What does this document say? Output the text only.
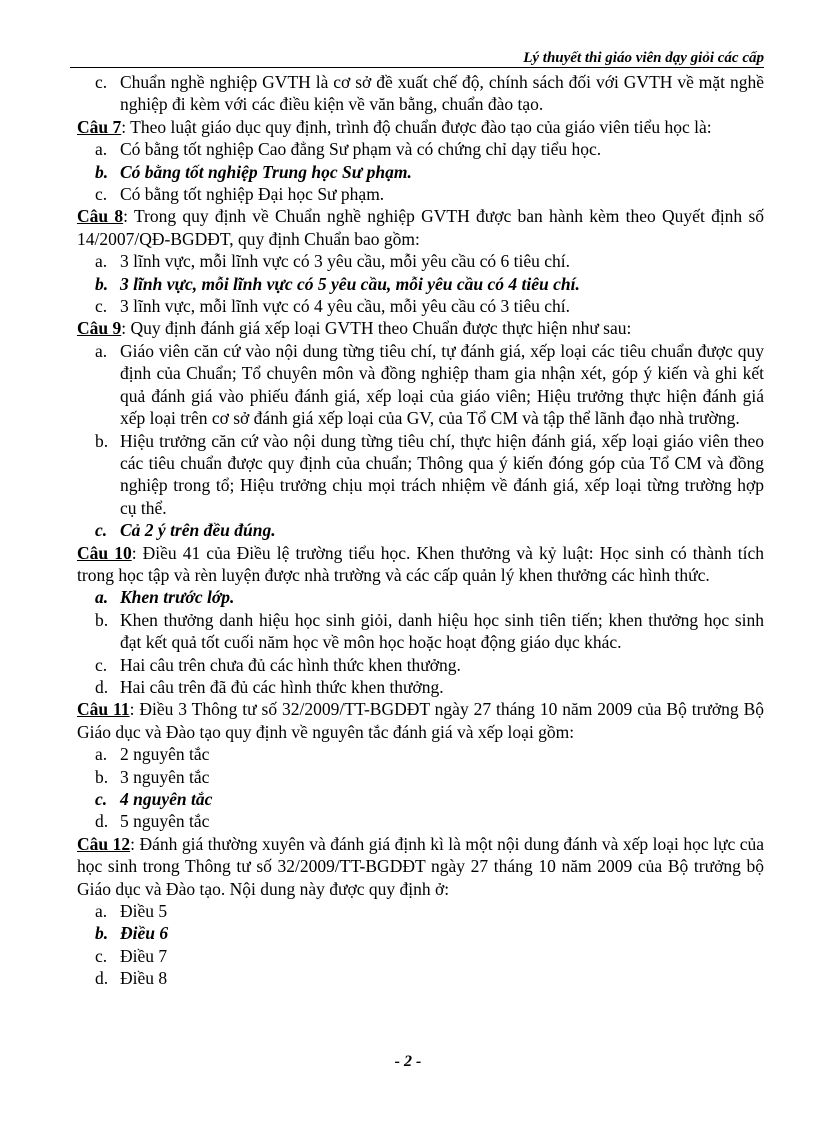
Lý thuyết thi giáo viên dạy giỏi các cấp
c. Chuẩn nghề nghiệp GVTH là cơ sở đề xuất chế độ, chính sách đối với GVTH về mặt nghề nghiệp đi kèm với các điều kiện về văn bằng, chuẩn đào tạo.
Câu 7: Theo luật giáo dục quy định, trình độ chuẩn được đào tạo của giáo viên tiểu học là:
a. Có bằng tốt nghiệp Cao đẳng Sư phạm và có chứng chỉ dạy tiểu học.
b. Có bằng tốt nghiệp Trung học Sư phạm.
c. Có bằng tốt nghiệp Đại học Sư phạm.
Câu 8: Trong quy định về Chuẩn nghề nghiệp GVTH được ban hành kèm theo Quyết định số 14/2007/QĐ-BGDĐT, quy định Chuẩn bao gồm:
a. 3 lĩnh vực, mỗi lĩnh vực có 3 yêu cầu, mỗi yêu cầu có 6 tiêu chí.
b. 3 lĩnh vực, mỗi lĩnh vực có 5 yêu cầu, mỗi yêu cầu có 4 tiêu chí.
c. 3 lĩnh vực, mỗi lĩnh vực có 4 yêu cầu, mỗi yêu cầu có 3 tiêu chí.
Câu 9: Quy định đánh giá xếp loại GVTH theo Chuẩn được thực hiện như sau:
a. Giáo viên căn cứ vào nội dung từng tiêu chí, tự đánh giá, xếp loại các tiêu chuẩn được quy định của Chuẩn; Tổ chuyên môn và đồng nghiệp tham gia nhận xét, góp ý kiến và ghi kết quả đánh giá vào phiếu đánh giá, xếp loại của giáo viên; Hiệu trưởng thực hiện đánh giá xếp loại trên cơ sở đánh giá xếp loại của GV, của Tổ CM và tập thể lãnh đạo nhà trường.
b. Hiệu trưởng căn cứ vào nội dung từng tiêu chí, thực hiện đánh giá, xếp loại giáo viên theo các tiêu chuẩn được quy định của chuẩn; Thông qua ý kiến đóng góp của Tổ CM và đồng nghiệp trong tổ; Hiệu trưởng chịu mọi trách nhiệm về đánh giá, xếp loại từng trường hợp cụ thể.
c. Cả 2 ý trên đều đúng.
Câu 10: Điều 41 của Điều lệ trường tiểu học. Khen thưởng và kỷ luật: Học sinh có thành tích trong học tập và rèn luyện được nhà trường và các cấp quản lý khen thưởng các hình thức.
a. Khen trước lớp.
b. Khen thưởng danh hiệu học sinh giỏi, danh hiệu học sinh tiên tiến; khen thưởng học sinh đạt kết quả tốt cuối năm học về môn học hoặc hoạt động giáo dục khác.
c. Hai câu trên chưa đủ các hình thức khen thưởng.
d. Hai câu trên đã đủ các hình thức khen thưởng.
Câu 11: Điều 3 Thông tư số 32/2009/TT-BGDĐT ngày 27 tháng 10 năm 2009 của Bộ trưởng Bộ Giáo dục và Đào tạo quy định về nguyên tắc đánh giá và xếp loại gồm:
a. 2 nguyên tắc
b. 3 nguyên tắc
c. 4 nguyên tắc
d. 5 nguyên tắc
Câu 12: Đánh giá thường xuyên và đánh giá định kì là một nội dung đánh và xếp loại học lực của học sinh trong Thông tư số 32/2009/TT-BGDĐT ngày 27 tháng 10 năm 2009 của Bộ trưởng bộ Giáo dục và Đào tạo. Nội dung này được quy định ở:
a. Điều 5
b. Điều 6
c. Điều 7
d. Điều 8
- 2 -
